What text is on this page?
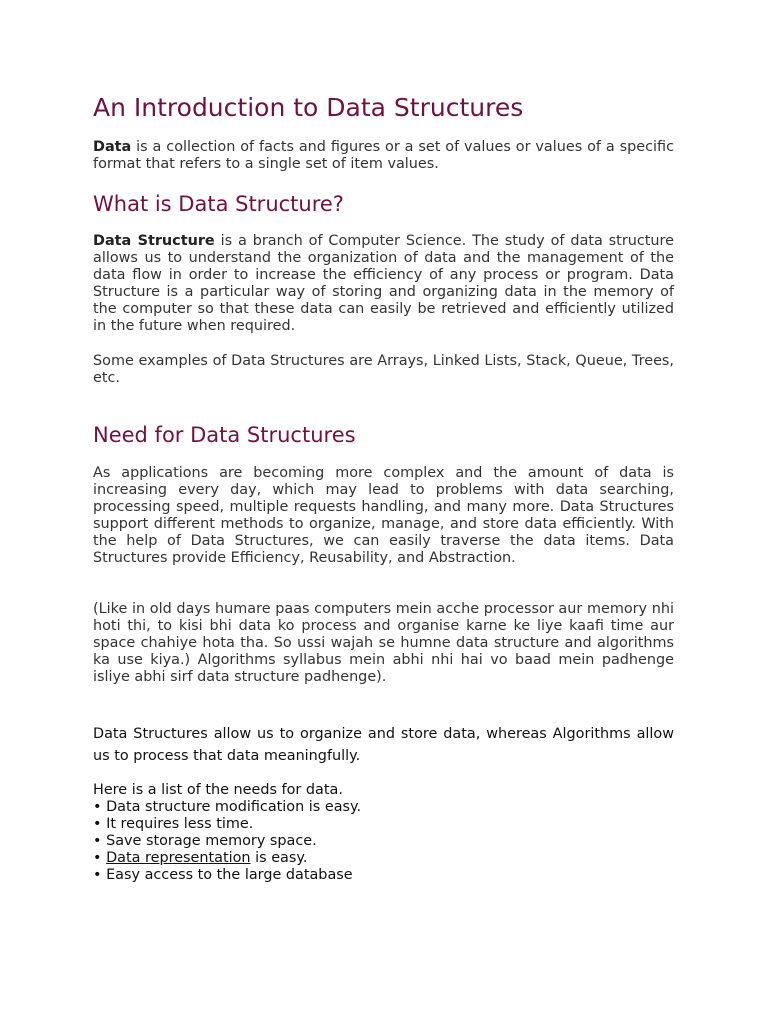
An Introduction to Data Structures

Data is a collection of facts and figures or a set of values or values of a specific format that refers to a single set of item values.

What is Data Structure?

Data Structure is a branch of Computer Science. The study of data structure allows us to understand the organization of data and the management of the data flow in order to increase the efficiency of any process or program. Data Structure is a particular way of storing and organizing data in the memory of the computer so that these data can easily be retrieved and efficiently utilized in the future when required.

Some examples of Data Structures are Arrays, Linked Lists, Stack, Queue, Trees, etc.

Need for Data Structures

As applications are becoming more complex and the amount of data is increasing every day, which may lead to problems with data searching, processing speed, multiple requests handling, and many more. Data Structures support different methods to organize, manage, and store data efficiently. With the help of Data Structures, we can easily traverse the data items. Data Structures provide Efficiency, Reusability, and Abstraction.

(Like in old days humare paas computers mein acche processor aur memory nhi hoti thi, to kisi bhi data ko process and organise karne ke liye kaafi time aur space chahiye hota tha. So ussi wajah se humne data structure and algorithms ka use kiya.) Algorithms syllabus mein abhi nhi hai vo baad mein padhenge isliye abhi sirf data structure padhenge).

Data Structures allow us to organize and store data, whereas Algorithms allow us to process that data meaningfully.

Here is a list of the needs for data.
• Data structure modification is easy.
• It requires less time.
• Save storage memory space.
• Data representation is easy.
• Easy access to the large database
